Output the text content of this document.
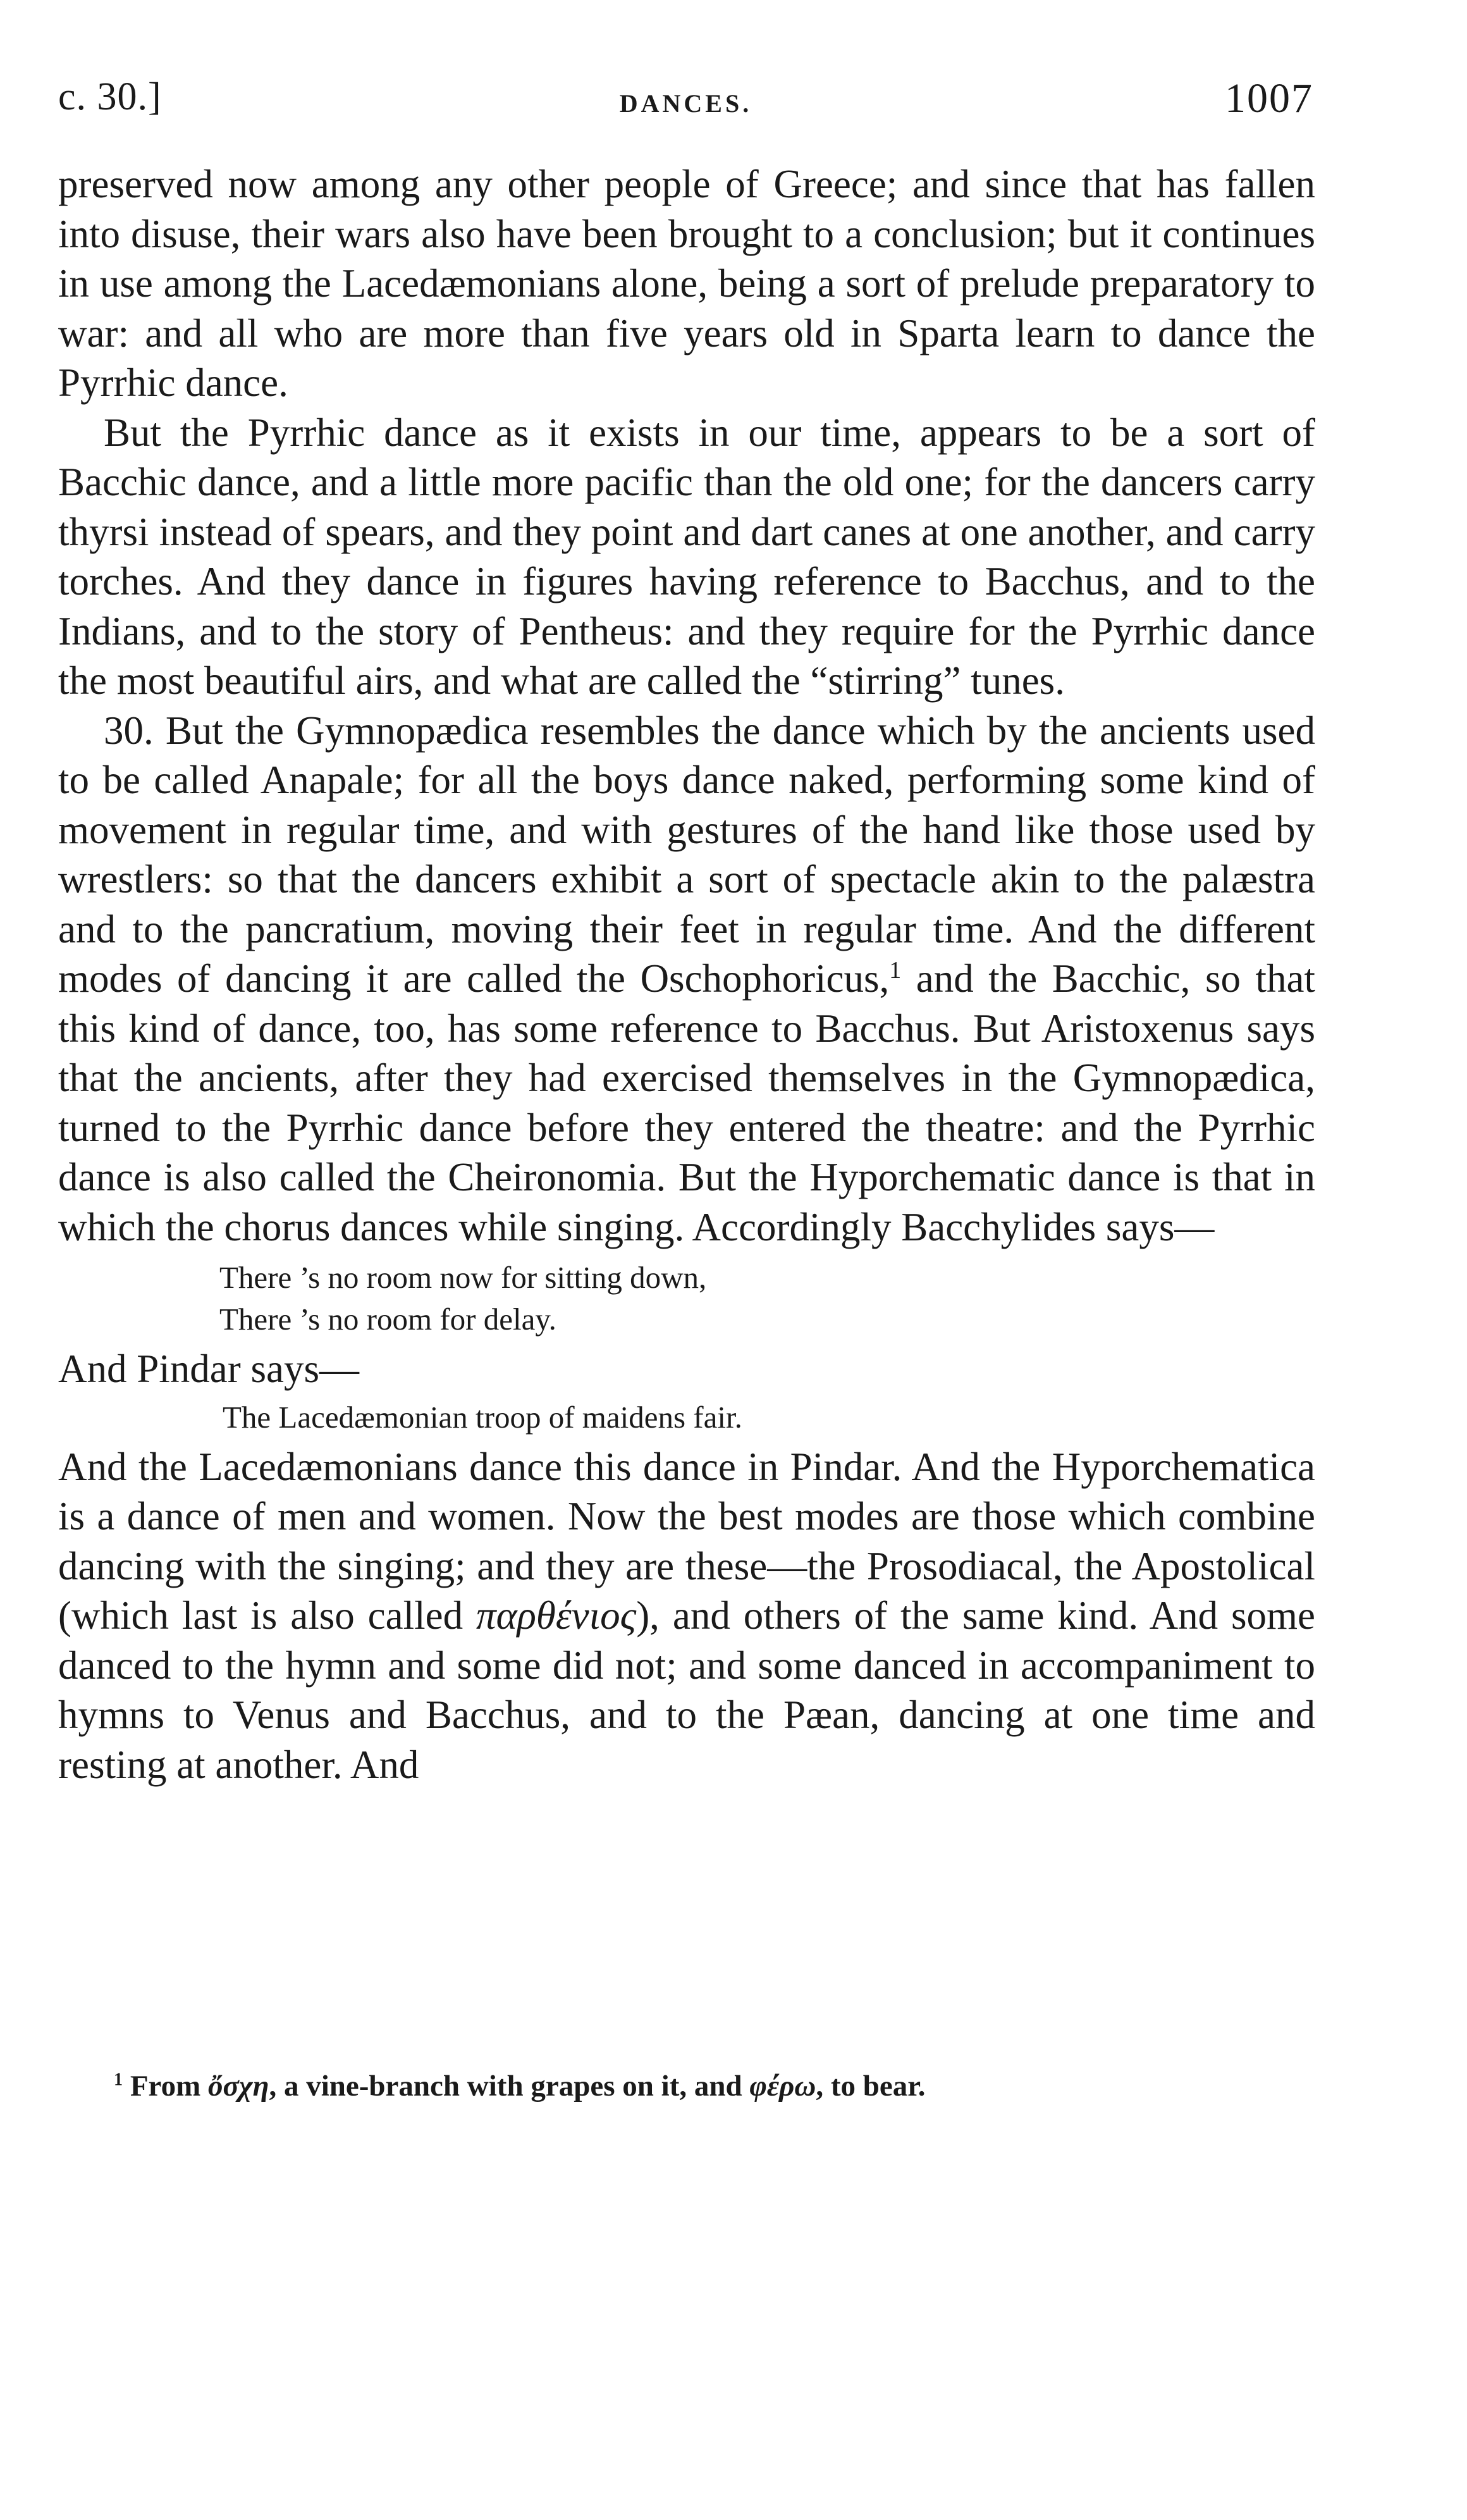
c. 30.]	DANCES.	1007

preserved now among any other people of Greece; and since that has fallen into disuse, their wars also have been brought to a conclusion; but it continues in use among the Lacedæmonians alone, being a sort of prelude preparatory to war: and all who are more than five years old in Sparta learn to dance the Pyrrhic dance.

But the Pyrrhic dance as it exists in our time, appears to be a sort of Bacchic dance, and a little more pacific than the old one; for the dancers carry thyrsi instead of spears, and they point and dart canes at one another, and carry torches. And they dance in figures having reference to Bacchus, and to the Indians, and to the story of Pentheus: and they require for the Pyrrhic dance the most beautiful airs, and what are called the “stirring” tunes.

30. But the Gymnopædica resembles the dance which by the ancients used to be called Anapale; for all the boys dance naked, performing some kind of movement in regular time, and with gestures of the hand like those used by wrestlers: so that the dancers exhibit a sort of spectacle akin to the palæstra and to the pancratium, moving their feet in regular time. And the different modes of dancing it are called the Oschophoricus,$^1$ and the Bacchic, so that this kind of dance, too, has some reference to Bacchus. But Aristoxenus says that the ancients, after they had exercised themselves in the Gymnopædica, turned to the Pyrrhic dance before they entered the theatre: and the Pyrrhic dance is also called the Cheironomia. But the Hyporchematic dance is that in which the chorus dances while singing. Accordingly Bacchylides says—

There ’s no room now for sitting down,

There ’s no room for delay.

And Pindar says—

The Lacedæmonian troop of maidens fair.

And the Lacedæmonians dance this dance in Pindar. And the Hyporchematica is a dance of men and women. Now the best modes are those which combine dancing with the singing; and they are these—the Prosodiacal, the Apostolical (which last is also called παρθένιος), and others of the same kind. And some danced to the hymn and some did not; and some danced in accompaniment to hymns to Venus and Bacchus, and to the Pæan, dancing at one time and resting at another. And

$^1$ From ὄσχη, a vine-branch with grapes on it, and φέρω, to bear.
